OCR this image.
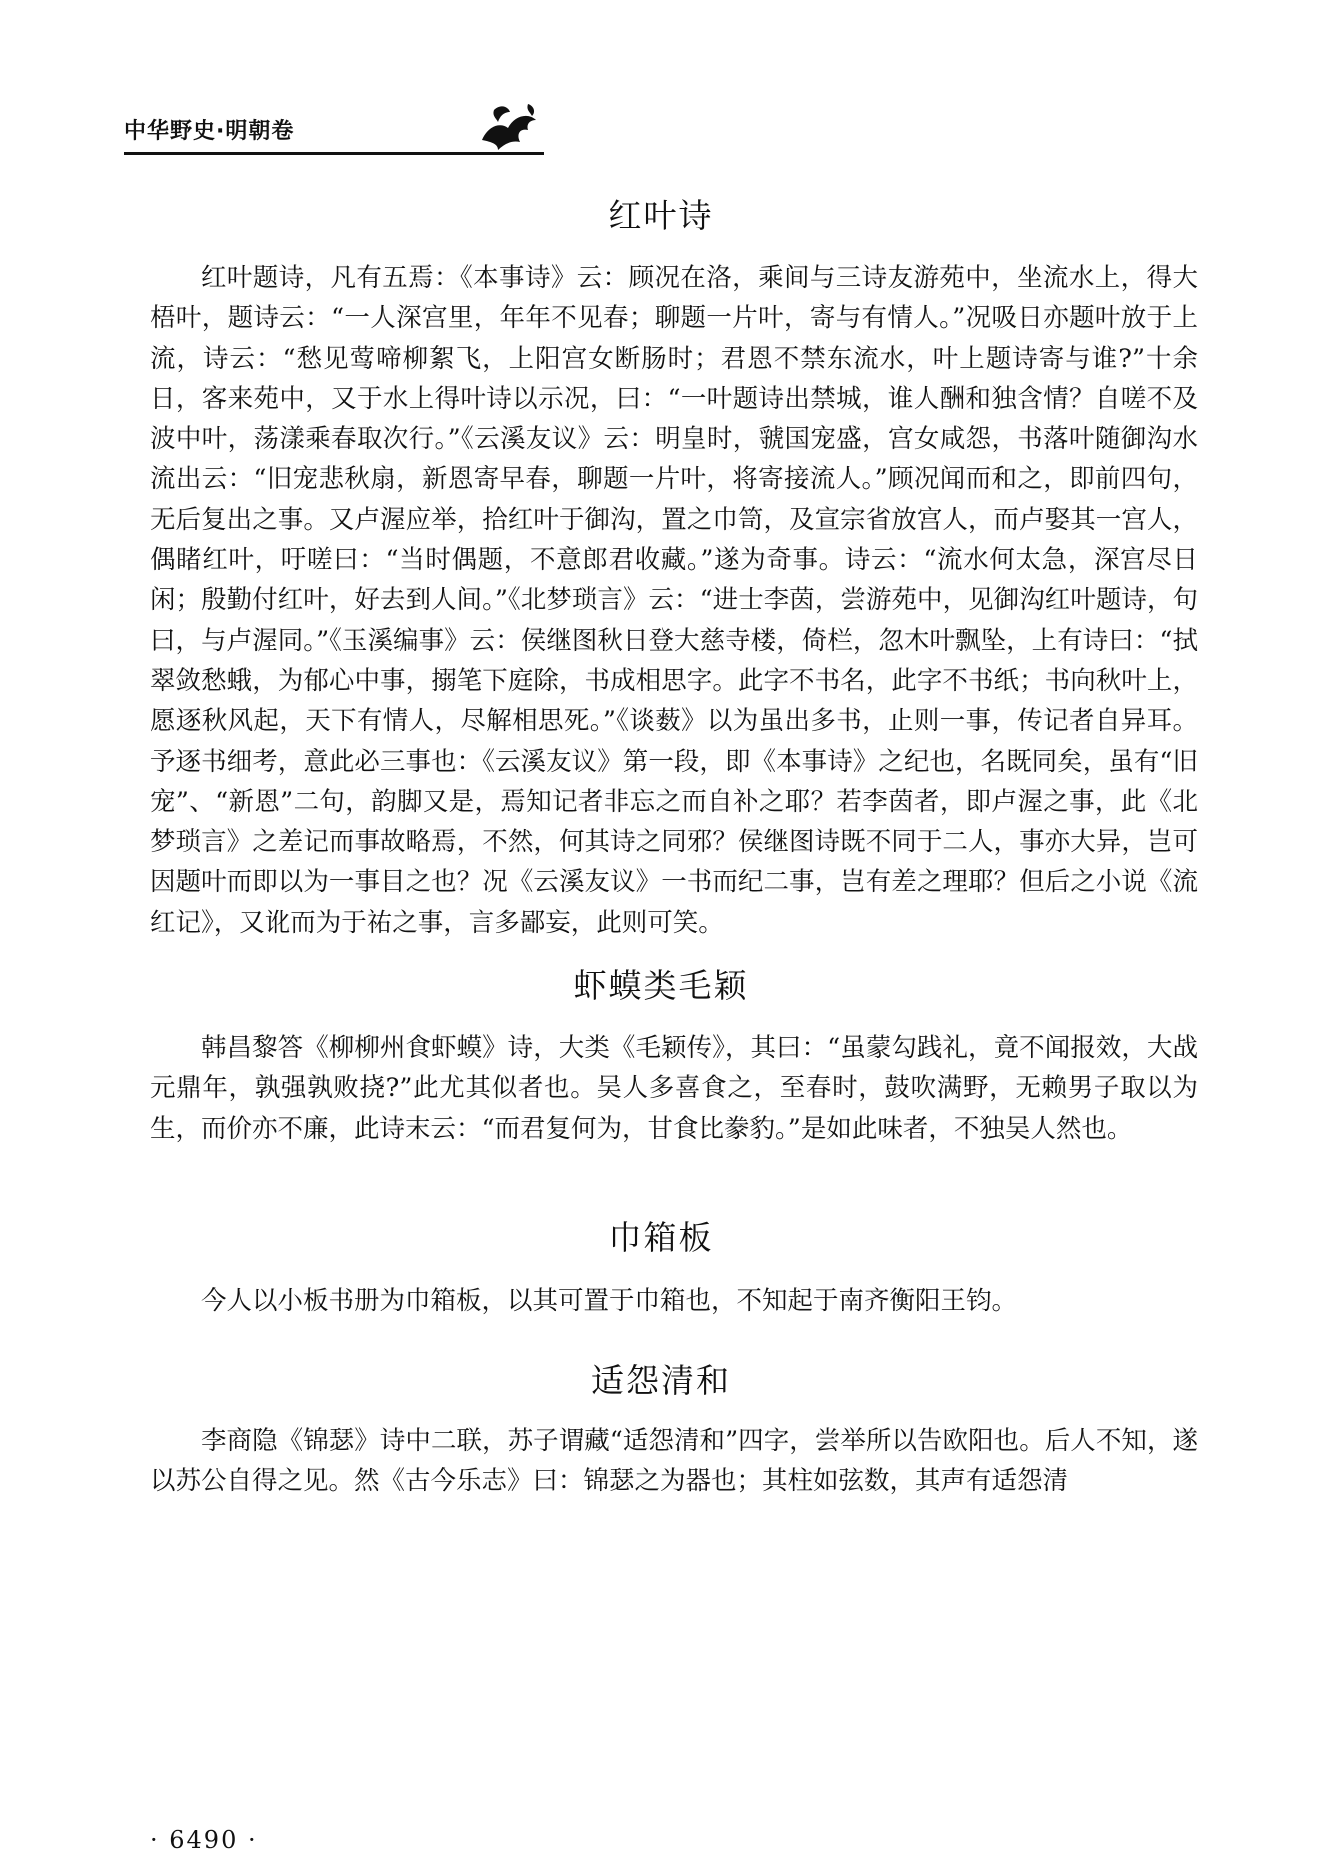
中华野史·明朝卷
红叶诗

红叶题诗，凡有五焉：《本事诗》云：顾况在洛，乘间与三诗友游苑中，坐流水上，得大梧叶，题诗云：“一人深宫里，年年不见春；聊题一片叶，寄与有情人。”况吸日亦题叶放于上流，诗云：“愁见莺啼柳絮飞，上阳宫女断肠时；君恩不禁东流水，叶上题诗寄与谁?”十余日，客来苑中，又于水上得叶诗以示况，曰：“一叶题诗出禁城，谁人酬和独含情？自嗟不及波中叶，荡漾乘春取次行。”《云溪友议》云：明皇时，虢国宠盛，宫女咸怨，书落叶随御沟水流出云：“旧宠悲秋扇，新恩寄早春，聊题一片叶，将寄接流人。”顾况闻而和之，即前四句，无后复出之事。又卢渥应举，拾红叶于御沟，置之巾笥，及宣宗省放宫人，而卢娶其一宫人，偶睹红叶，吁嗟曰：“当时偶题，不意郎君收藏。”遂为奇事。诗云：“流水何太急，深宫尽日闲；殷勤付红叶，好去到人间。”《北梦琐言》云：“进士李茵，尝游苑中，见御沟红叶题诗，句曰，与卢渥同。”《玉溪编事》云：侯继图秋日登大慈寺楼，倚栏，忽木叶飘坠，上有诗曰：“拭翠敛愁蛾，为郁心中事，搦笔下庭除，书成相思字。此字不书名，此字不书纸；书向秋叶上，愿逐秋风起，天下有情人，尽解相思死。”《谈薮》以为虽出多书，止则一事，传记者自异耳。予逐书细考，意此必三事也：《云溪友议》第一段，即《本事诗》之纪也，名既同矣，虽有“旧宠”、“新恩”二句，韵脚又是，焉知记者非忘之而自补之耶？若李茵者，即卢渥之事，此《北梦琐言》之差记而事故略焉，不然，何其诗之同邪？侯继图诗既不同于二人，事亦大异，岂可因题叶而即以为一事目之也？况《云溪友议》一书而纪二事，岂有差之理耶？但后之小说《流红记》，又讹而为于祐之事，言多鄙妄，此则可笑。

虾蟆类毛颖

韩昌黎答《柳柳州食虾蟆》诗，大类《毛颖传》，其曰：“虽蒙勾践礼，竟不闻报效，大战元鼎年，孰强孰败挠?”此尤其似者也。吴人多喜食之，至春时，鼓吹满野，无赖男子取以为生，而价亦不廉，此诗末云：“而君复何为，甘食比豢豹。”是如此味者，不独吴人然也。

巾箱板

今人以小板书册为巾箱板，以其可置于巾箱也，不知起于南齐衡阳王钧。

适怨清和

李商隐《锦瑟》诗中二联，苏子谓藏“适怨清和”四字，尝举所以告欧阳也。后人不知，遂以苏公自得之见。然《古今乐志》曰：锦瑟之为器也；其柱如弦数，其声有适怨清

· 6490 ·
